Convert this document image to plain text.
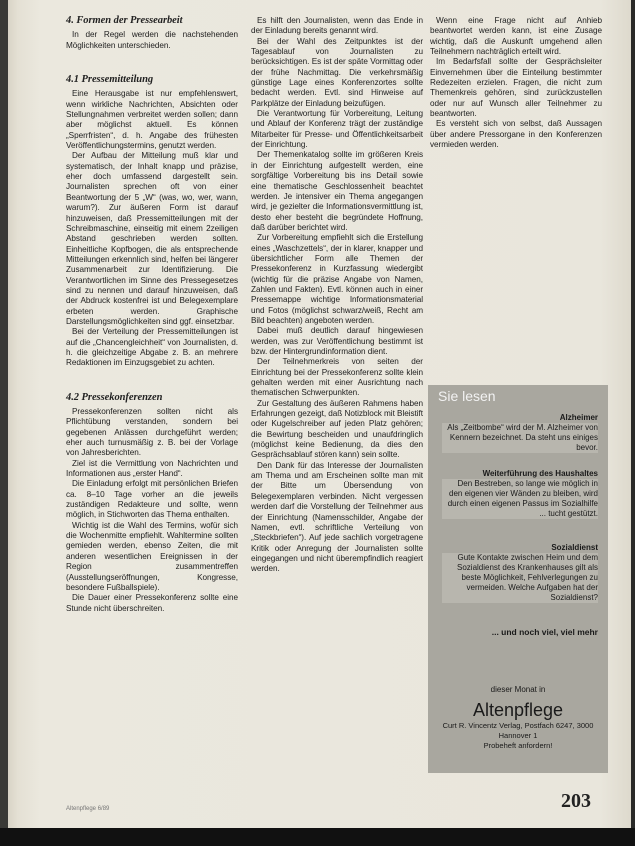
4. Formen der Pressearbeit

In der Regel werden die nachstehenden Möglichkeiten unterschieden.

4.1 Pressemitteilung

Eine Herausgabe ist nur empfehlenswert, wenn wirkliche Nachrichten, Absichten oder Stellungnahmen verbreitet werden sollen; dann aber möglichst aktuell. Es können „Sperrfristen“, d. h. Angabe des frühesten Veröffentlichungstermins, genutzt werden.

Der Aufbau der Mitteilung muß klar und systematisch, der Inhalt knapp und präzise, eher doch umfassend dargestellt sein. Journalisten sprechen oft von einer Beantwortung der 5 „W“ (was, wo, wer, wann, warum?). Zur äußeren Form ist darauf hinzuweisen, daß Pressemitteilungen mit der Schreibmaschine, einseitig mit einem 2zeiligen Abstand geschrieben werden sollten. Einheitliche Kopfbogen, die als entsprechende Mitteilungen erkennlich sind, helfen bei längerer Zusammenarbeit zur Identifizierung. Die Verantwortlichen im Sinne des Pressegesetzes sind zu nennen und darauf hinzuweisen, daß der Abdruck kostenfrei ist und Belegexemplare erbeten werden. Graphische Darstellungsmöglichkeiten sind ggf. einsetzbar.

Bei der Verteilung der Pressemitteilungen ist auf die „Chancengleichheit“ von Journalisten, d. h. die gleichzeitige Abgabe z. B. an mehrere Redaktionen im Einzugsgebiet zu achten.

4.2 Pressekonferenzen

Pressekonferenzen sollten nicht als Pflichtübung verstanden, sondern bei gegebenen Anlässen durchgeführt werden; eher auch turnusmäßig z. B. bei der Vorlage von Jahresberichten.

Ziel ist die Vermittlung von Nachrichten und Informationen aus „erster Hand“.

Die Einladung erfolgt mit persönlichen Briefen ca. 8–10 Tage vorher an die jeweils zuständigen Redakteure und sollte, wenn möglich, in Stichworten das Thema enthalten.

Wichtig ist die Wahl des Termins, wofür sich die Wochenmitte empfiehlt. Wahltermine sollten gemieden werden, ebenso Zeiten, die mit anderen wesentlichen Ereignissen in der Region zusammentreffen (Ausstellungseröffnungen, Kongresse, besondere Fußballspiele).

Die Dauer einer Pressekonferenz sollte eine Stunde nicht überschreiten.

Es hilft den Journalisten, wenn das Ende in der Einladung bereits genannt wird.

Bei der Wahl des Zeitpunktes ist der Tagesablauf von Journalisten zu berücksichtigen. Es ist der späte Vormittag oder der frühe Nachmittag. Die verkehrsmäßig günstige Lage eines Konferenzortes sollte bedacht werden. Evtl. sind Hinweise auf Parkplätze der Einladung beizufügen.

Die Verantwortung für Vorbereitung, Leitung und Ablauf der Konferenz trägt der zuständige Mitarbeiter für Presse- und Öffentlichkeitsarbeit der Einrichtung.

Der Themenkatalog sollte im größeren Kreis in der Einrichtung aufgestellt werden, eine sorgfältige Vorbereitung bis ins Detail sowie eine thematische Geschlossenheit beachtet werden. Je intensiver ein Thema angegangen wird, je gezielter die Informationsvermittlung ist, desto eher besteht die begründete Hoffnung, daß darüber berichtet wird.

Zur Vorbereitung empfiehlt sich die Erstellung eines „Waschzettels“, der in klarer, knapper und übersichtlicher Form alle Themen der Pressekonferenz in Kurzfassung wiedergibt (wichtig für die präzise Angabe von Namen, Zahlen und Fakten). Evtl. können auch in einer Pressemappe wichtige Informationsmaterial und Fotos (möglichst schwarz/weiß, Recht am Bild beachten) angeboten werden.

Dabei muß deutlich darauf hingewiesen werden, was zur Veröffentlichung bestimmt ist bzw. der Hintergrundinformation dient.

Der Teilnehmerkreis von seiten der Einrichtung bei der Pressekonferenz sollte klein gehalten werden mit einer Ausrichtung nach thematischen Schwerpunkten.

Zur Gestaltung des äußeren Rahmens haben Erfahrungen gezeigt, daß Notizblock mit Bleistift oder Kugelschreiber auf jeden Platz gehören; die Bewirtung bescheiden und unaufdringlich (möglichst keine Bedienung, da dies den Gesprächsablauf stören kann) sein sollte.

Den Dank für das Interesse der Journalisten am Thema und am Erscheinen sollte man mit der Bitte um Übersendung von Belegexemplaren verbinden. Nicht vergessen werden darf die Vorstellung der Teilnehmer aus der Einrichtung (Namensschilder, Angabe der Namen, evtl. schriftliche Verteilung von „Steckbriefen“). Auf jede sachlich vorgetragene Kritik oder Anregung der Journalisten sollte eingegangen und nicht überempfindlich reagiert werden.

Wenn eine Frage nicht auf Anhieb beantwortet werden kann, ist eine Zusage wichtig, daß die Auskunft umgehend allen Teilnehmern nachträglich erteilt wird.

Im Bedarfsfall sollte der Gesprächsleiter Einvernehmen über die Einteilung bestimmter Redezeiten erzielen. Fragen, die nicht zum Themenkreis gehören, sind zurückzustellen oder nur auf Wunsch aller Teilnehmer zu beantworten.

Es versteht sich von selbst, daß Aussagen über andere Pressorgane in den Konferenzen vermieden werden.

Sie lesen
Alzheimer
Als „Zeitbombe“ wird der M. Alzheimer von Kennern bezeichnet. Da steht uns einiges bevor.
Weiterführung des Haushaltes
Den Bestreben, so lange wie möglich in den eigenen vier Wänden zu bleiben, wird durch einen eigenen Passus im Sozialhilfe ... tucht gestützt.
Sozialdienst
Gute Kontakte zwischen Heim und dem Sozialdienst des Krankenhauses gilt als beste Möglichkeit, Fehlverlegungen zu vermeiden. Welche Aufgaben hat der Sozialdienst?
... und noch viel, viel mehr
dieser Monat in
Altenpflege
Curt R. Vincentz Verlag, Postfach 6247, 3000 Hannover 1
Probeheft anfordern!
Altenpflege 6/89	203
